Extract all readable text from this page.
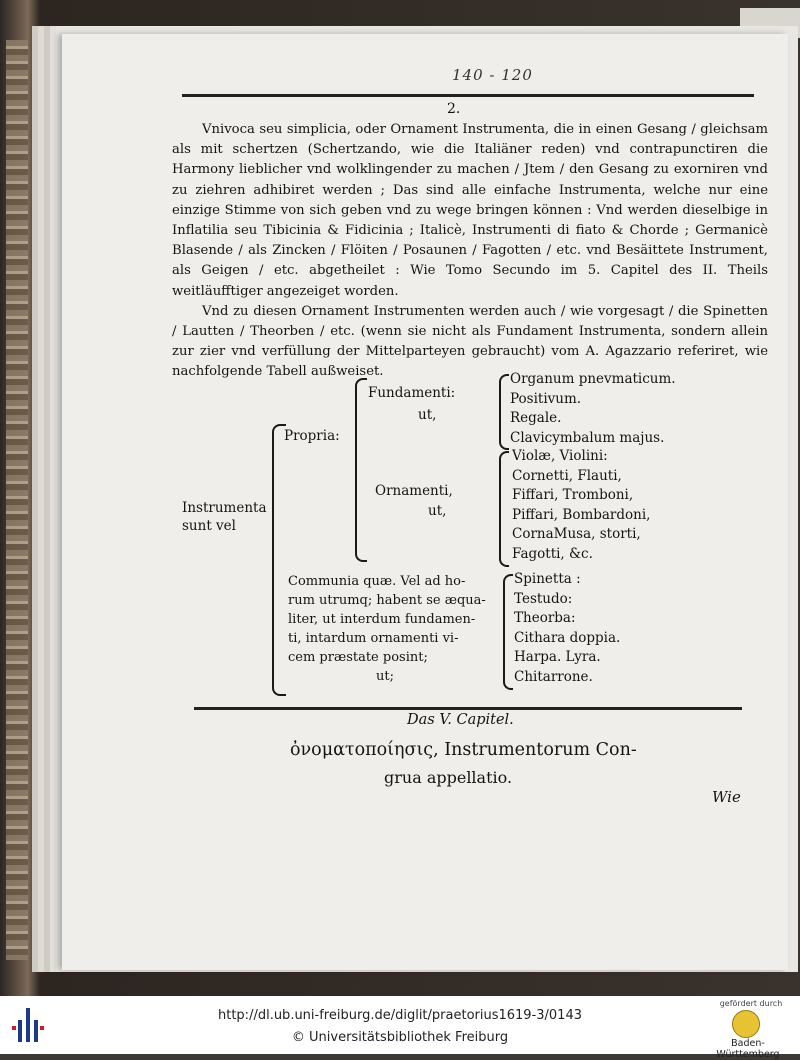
140 - 120
2.

Vnivoca seu simplicia, oder Ornament Instrumenta, die in einen Gesang / gleichsam als mit schertzen (Schertzando, wie die Italiäner reden) vnd contrapunctiren die Harmony lieblicher vnd wolklingender zu machen / Jtem / den Gesang zu exorniren vnd zu ziehren adhibiret werden ; Das sind alle einfache Instrumenta, welche nur eine einzige Stimme von sich geben vnd zu wege bringen können : Vnd werden dieselbige in Inflatilia seu Tibicinia & Fidicinia ; Italicè, Instrumenti di fiato & Chorde ; Germanicè Blasende / als Zincken / Flöiten / Posaunen / Fagotten / etc. vnd Besäittete Instrument, als Geigen / etc. abgetheilet : Wie Tomo Secundo im 5. Capitel des II. Theils weitläufftiger angezeiget worden.

Vnd zu diesen Ornament Instrumenten werden auch / wie vorgesagt / die Spinetten / Lautten / Theorben / etc. (wenn sie nicht als Fundament Instrumenta, sondern allein zur zier vnd verfüllung der Mittelparteyen gebraucht) vom A. Agazzario referiret, wie nachfolgende Tabell außweiset.

Instrumenta sunt vel
Propria:
Fundamenti:
ut,
Organum pnevmaticum.
Positivum.
Regale.
Clavicymbalum majus.
Ornamenti,
ut,
Violæ, Violini:
Cornetti, Flauti,
Fiffari, Tromboni,
Piffari, Bombardoni,
CornaMusa, storti,
Fagotti, &c.
Communia quæ. Vel ad ho-
rum utrumq; habent se æqua-
liter, ut interdum fundamen-
ti, intardum ornamenti vi-
cem præstate posint;
ut;
Spinetta :
Testudo:
Theorba:
Cithara doppia.
Harpa. Lyra.
Chitarrone.
Das V. Capitel.
ὀνοματοποίησις, Instrumentorum Con-
grua appellatio.
Wie
http://dl.ub.uni-freiburg.de/diglit/praetorius1619-3/0143
© Universitätsbibliothek Freiburg
gefördert durch
Baden-Württemberg
